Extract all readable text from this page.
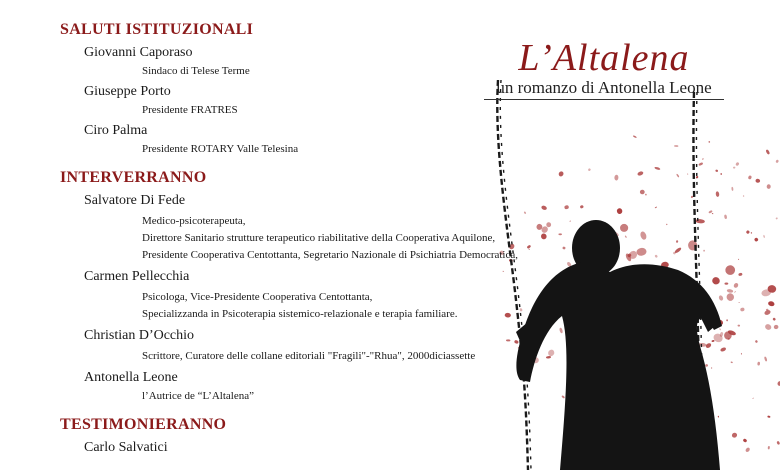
L’Altalena
un romanzo di Antonella Leone

SALUTI ISTITUZIONALI

Giovanni Caporaso

Sindaco di Telese Terme

Giuseppe Porto

Presidente FRATRES

Ciro Palma

Presidente ROTARY Valle Telesina

INTERVERRANNO

Salvatore Di Fede

Medico-psicoterapeuta,
Direttore Sanitario strutture terapeutico riabilitative della Cooperativa Aquilone,
Presidente Cooperativa Centottanta, Segretario Nazionale di Psichiatria Democratica,

Carmen Pellecchia

Psicologa, Vice-Presidente Cooperativa Centottanta,
Specializzanda in Psicoterapia sistemico-relazionale e terapia familiare.

Christian D’Occhio

Scrittore, Curatore delle collane editoriali "Fragili"-"Rhua", 2000diciassette

Antonella Leone

l’Autrice de “L’Altalena”

TESTIMONIERANNO

Carlo Salvatici
